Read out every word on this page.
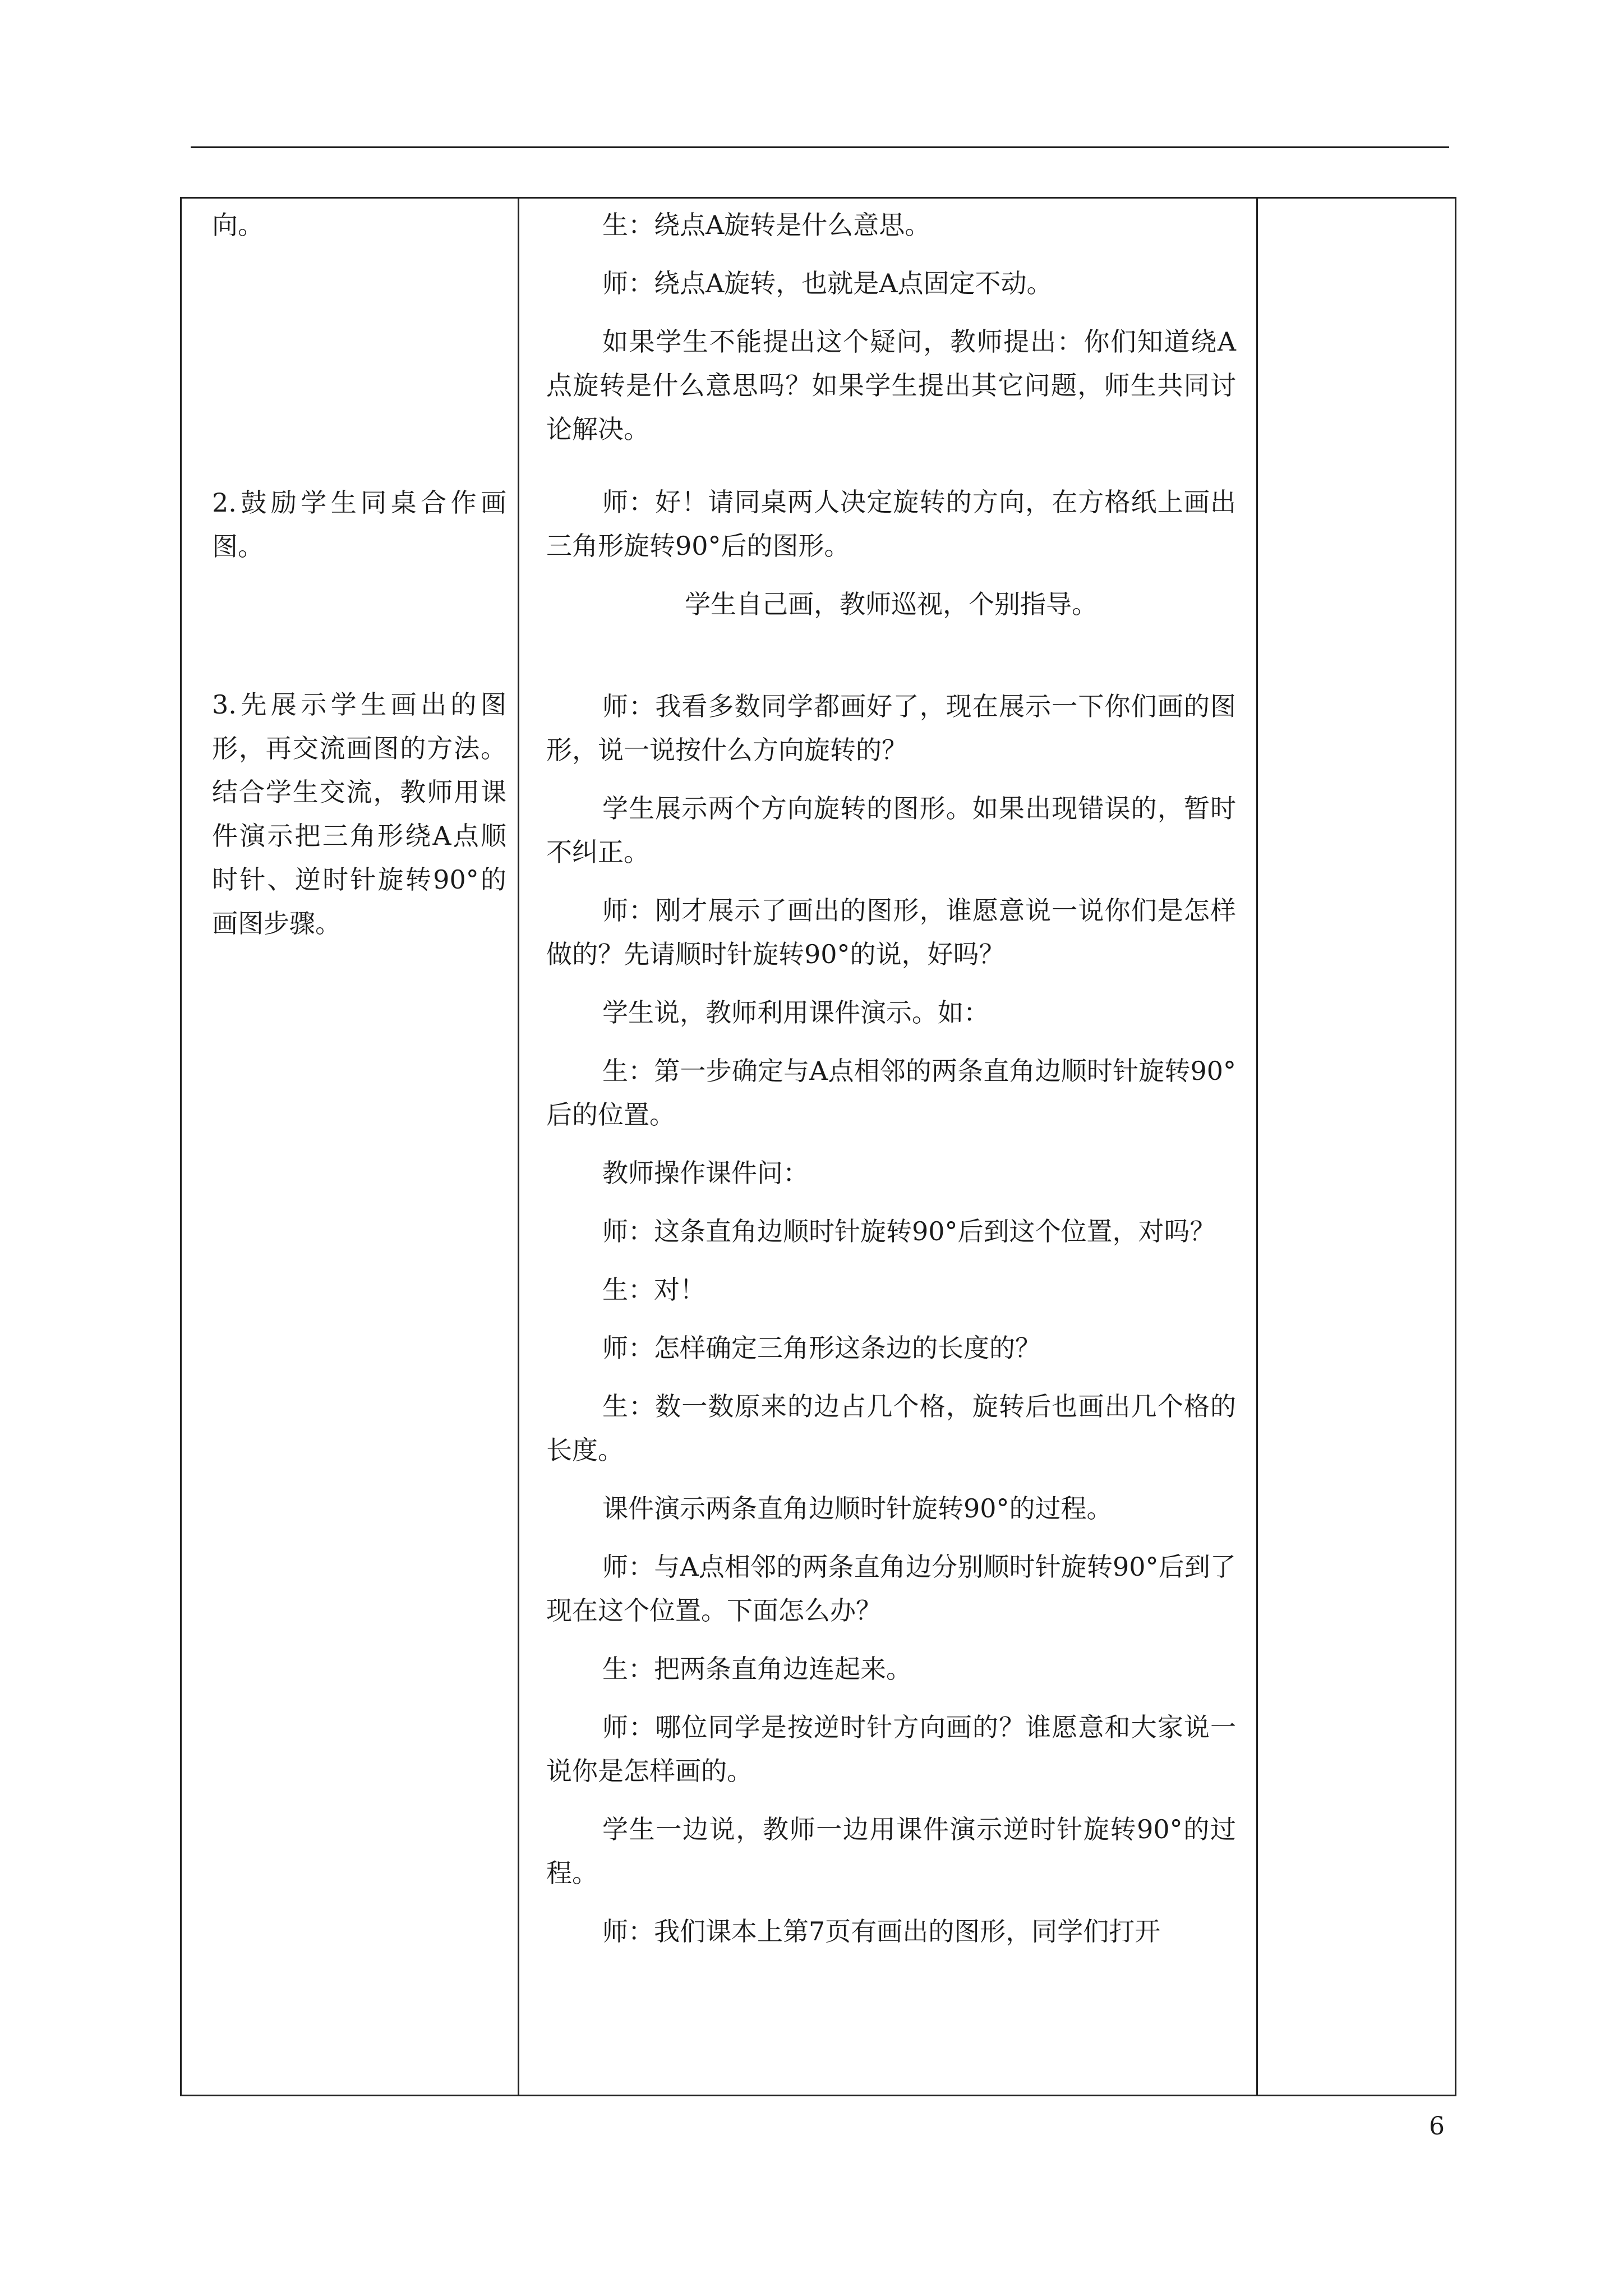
向。

2.鼓励学生同桌合作画图。

3.先展示学生画出的图形，再交流画图的方法。结合学生交流，教师用课件演示把三角形绕A点顺时针、逆时针旋转90°的画图步骤。

生：绕点A旋转是什么意思。

师：绕点A旋转，也就是A点固定不动。

如果学生不能提出这个疑问，教师提出：你们知道绕A点旋转是什么意思吗？如果学生提出其它问题，师生共同讨论解决。

师：好！请同桌两人决定旋转的方向，在方格纸上画出三角形旋转90°后的图形。

学生自己画，教师巡视，个别指导。

师：我看多数同学都画好了，现在展示一下你们画的图形，说一说按什么方向旋转的？

学生展示两个方向旋转的图形。如果出现错误的，暂时不纠正。

师：刚才展示了画出的图形，谁愿意说一说你们是怎样做的？先请顺时针旋转90°的说，好吗？

学生说，教师利用课件演示。如：

生：第一步确定与A点相邻的两条直角边顺时针旋转90°后的位置。

教师操作课件问：

师：这条直角边顺时针旋转90°后到这个位置，对吗？

生：对！

师：怎样确定三角形这条边的长度的？

生：数一数原来的边占几个格，旋转后也画出几个格的长度。

课件演示两条直角边顺时针旋转90°的过程。

师：与A点相邻的两条直角边分别顺时针旋转90°后到了现在这个位置。下面怎么办？

生：把两条直角边连起来。

师：哪位同学是按逆时针方向画的？谁愿意和大家说一说你是怎样画的。

学生一边说，教师一边用课件演示逆时针旋转90°的过程。

师：我们课本上第7页有画出的图形，同学们打开

6
